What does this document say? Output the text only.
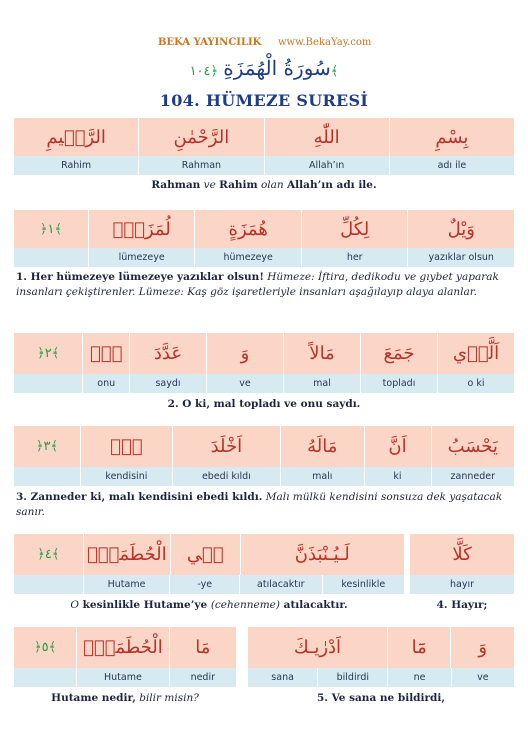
BEKA YAYINCILIK www.BekaYay.com
سُورَةُ الْهُمَزَةِ ﴿١٠٤	﴾
104. HÜMEZE SURESİ
بِسْمِ
اللّٰهِ
الرَّحْمٰنِ
الرَّح۪يمِ
adı ile
Allah’ın
Rahman
Rahim
Rahman ve Rahim olan Allah’ın adı ile.
وَيْلٌ
لِكُلِّ
هُمَزَةٍ
لُمَزَةٍۙ
﴿١﴾
yazıklar olsun
her
hümezeye
lümezeye
1. Her hümezeye lümezeye yazıklar olsun! Hümeze: İftira, dedikodu ve gıybet yaparak insanları çekiştirenler. Lümeze: Kaş göz işaretleriyle insanları aşağılayıp alaya alanlar.
اَلَّذ۪ي
جَمَعَ
مَالاً
وَ
عَدَّدَ
هُۙ
﴿٢﴾
o ki
topladı
mal
ve
saydı
onu
2. O ki, mal topladı ve onu saydı.
يَحْسَبُ
اَنَّ
مَالَهُ
اَخْلَدَ
هُۚ
﴿٣﴾
zanneder
ki
malı
ebedi kıldı
kendisini
3. Zanneder ki, malı kendisini ebedi kıldı. Malı mülkü kendisini sonsuza dek yaşatacak sanır.
لَـيُـنْبَذَنَّ
ف۪ي
الْحُطَمَةِۘ
﴿٤﴾
kesinlikle
atılacaktır
-ye
Hutame
كَلَّا
hayır
O kesinlikle Hutame’ye (cehenneme) atılacaktır.	4. Hayır;
مَا
الْحُطَمَةُۜ
﴿٥﴾
nedir
Hutame
Hutame nedir, bilir misin?
وَ
مَٓا
اَدْرٰيـكَ
ve
ne
bildirdi
sana
5. Ve sana ne bildirdi,
